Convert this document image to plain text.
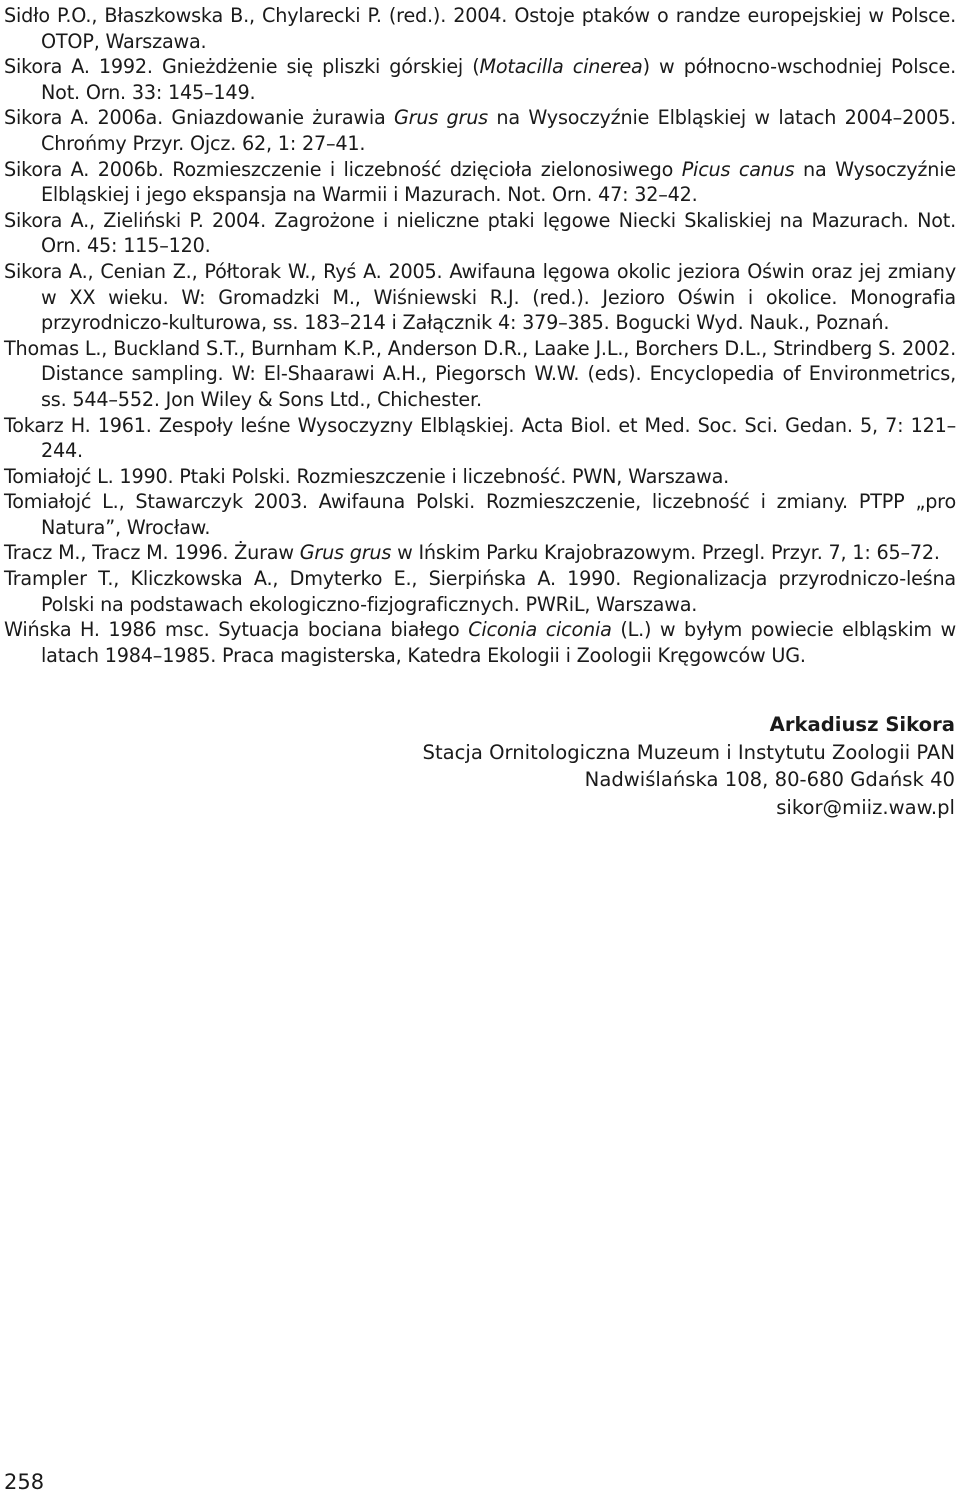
Sidło P.O., Błaszkowska B., Chylarecki P. (red.). 2004. Ostoje ptaków o randze europejskiej w Polsce. OTOP, Warszawa.
Sikora A. 1992. Gnieżdżenie się pliszki górskiej (Motacilla cinerea) w północno-wschodniej Polsce. Not. Orn. 33: 145–149.
Sikora A. 2006a. Gniazdowanie żurawia Grus grus na Wysoczyźnie Elbląskiej w latach 2004–2005. Chrońmy Przyr. Ojcz. 62, 1: 27–41.
Sikora A. 2006b. Rozmieszczenie i liczebność dzięcioła zielonosiwego Picus canus na Wysoczyźnie Elbląskiej i jego ekspansja na Warmii i Mazurach. Not. Orn. 47: 32–42.
Sikora A., Zieliński P. 2004. Zagrożone i nieliczne ptaki lęgowe Niecki Skaliskiej na Mazurach. Not. Orn. 45: 115–120.
Sikora A., Cenian Z., Półtorak W., Ryś A. 2005. Awifauna lęgowa okolic jeziora Oświn oraz jej zmiany w XX wieku. W: Gromadzki M., Wiśniewski R.J. (red.). Jezioro Oświn i okolice. Monografia przyrodniczo-kulturowa, ss. 183–214 i Załącznik 4: 379–385. Bogucki Wyd. Nauk., Poznań.
Thomas L., Buckland S.T., Burnham K.P., Anderson D.R., Laake J.L., Borchers D.L., Strindberg S. 2002. Distance sampling. W: El-Shaarawi A.H., Piegorsch W.W. (eds). Encyclopedia of Environmetrics, ss. 544–552. Jon Wiley & Sons Ltd., Chichester.
Tokarz H. 1961. Zespoły leśne Wysoczyzny Elbląskiej. Acta Biol. et Med. Soc. Sci. Gedan. 5, 7: 121–244.
Tomiałojć L. 1990. Ptaki Polski. Rozmieszczenie i liczebność. PWN, Warszawa.
Tomiałojć L., Stawarczyk 2003. Awifauna Polski. Rozmieszczenie, liczebność i zmiany. PTPP „pro Natura”, Wrocław.
Tracz M., Tracz M. 1996. Żuraw Grus grus w Ińskim Parku Krajobrazowym. Przegl. Przyr. 7, 1: 65–72.
Trampler T., Kliczkowska A., Dmyterko E., Sierpińska A. 1990. Regionalizacja przyrodniczo-leśna Polski na podstawach ekologiczno-fizjograficznych. PWRiL, Warszawa.
Wińska H. 1986 msc. Sytuacja bociana białego Ciconia ciconia (L.) w byłym powiecie elbląskim w latach 1984–1985. Praca magisterska, Katedra Ekologii i Zoologii Kręgowców UG.
Arkadiusz Sikora
Stacja Ornitologiczna Muzeum i Instytutu Zoologii PAN
Nadwiślańska 108, 80-680 Gdańsk 40
sikor@miiz.waw.pl
258
